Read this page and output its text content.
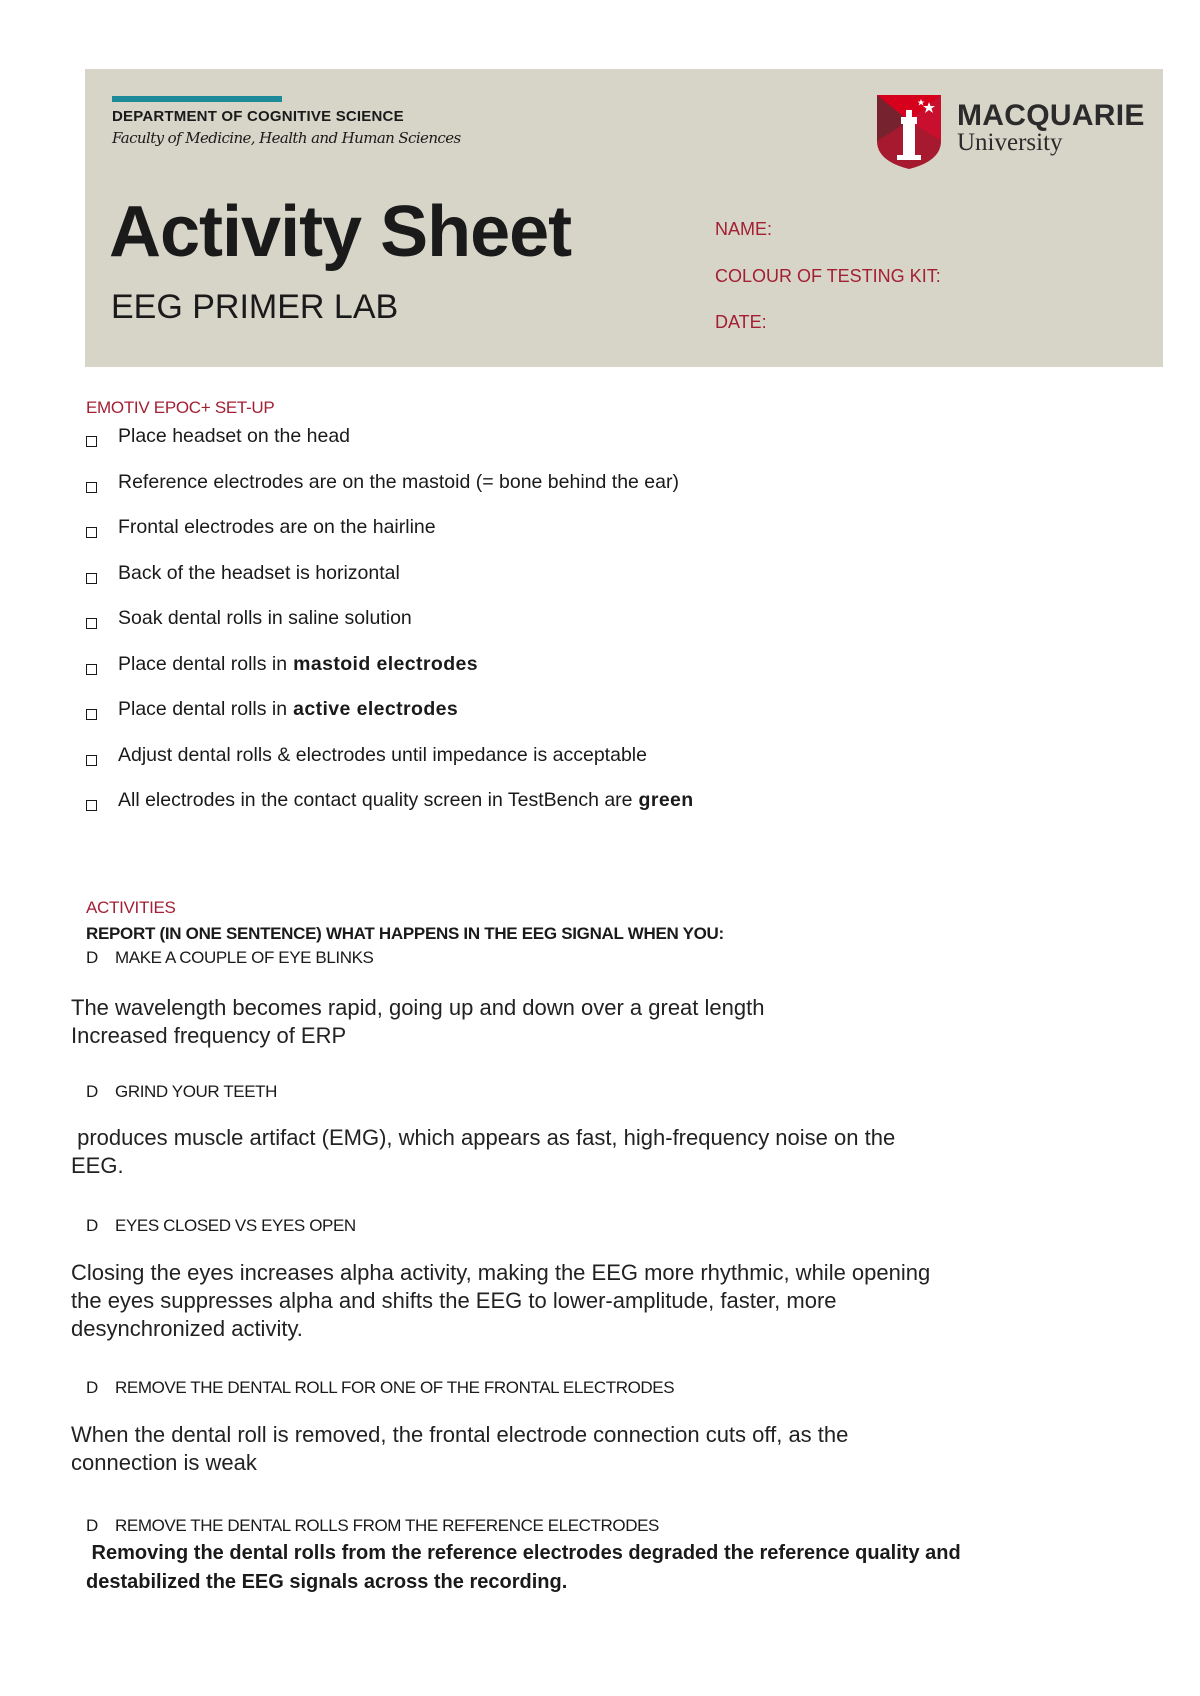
DEPARTMENT OF COGNITIVE SCIENCE
Faculty of Medicine, Health and Human Sciences
Activity Sheet
EEG PRIMER LAB
NAME:
COLOUR OF TESTING KIT:
DATE:
MACQUARIE
University
EMOTIV EPOC+ SET-UP
Place headset on the head
Reference electrodes are on the mastoid (= bone behind the ear)
Frontal electrodes are on the hairline
Back of the headset is horizontal
Soak dental rolls in saline solution
Place dental rolls in mastoid electrodes
Place dental rolls in active electrodes
Adjust dental rolls & electrodes until impedance is acceptable
All electrodes in the contact quality screen in TestBench are green
ACTIVITIES
REPORT (IN ONE SENTENCE) WHAT HAPPENS IN THE EEG SIGNAL WHEN YOU:
D MAKE A COUPLE OF EYE BLINKS
The wavelength becomes rapid, going up and down over a great length
Increased frequency of ERP
D GRIND YOUR TEETH
produces muscle artifact (EMG), which appears as fast, high-frequency noise on the
EEG.
D EYES CLOSED VS EYES OPEN
Closing the eyes increases alpha activity, making the EEG more rhythmic, while opening
the eyes suppresses alpha and shifts the EEG to lower-amplitude, faster, more
desynchronized activity.
D REMOVE THE DENTAL ROLL FOR ONE OF THE FRONTAL ELECTRODES
When the dental roll is removed, the frontal electrode connection cuts off, as the
connection is weak
D REMOVE THE DENTAL ROLLS FROM THE REFERENCE ELECTRODES
Removing the dental rolls from the reference electrodes degraded the reference quality and
destabilized the EEG signals across the recording.
